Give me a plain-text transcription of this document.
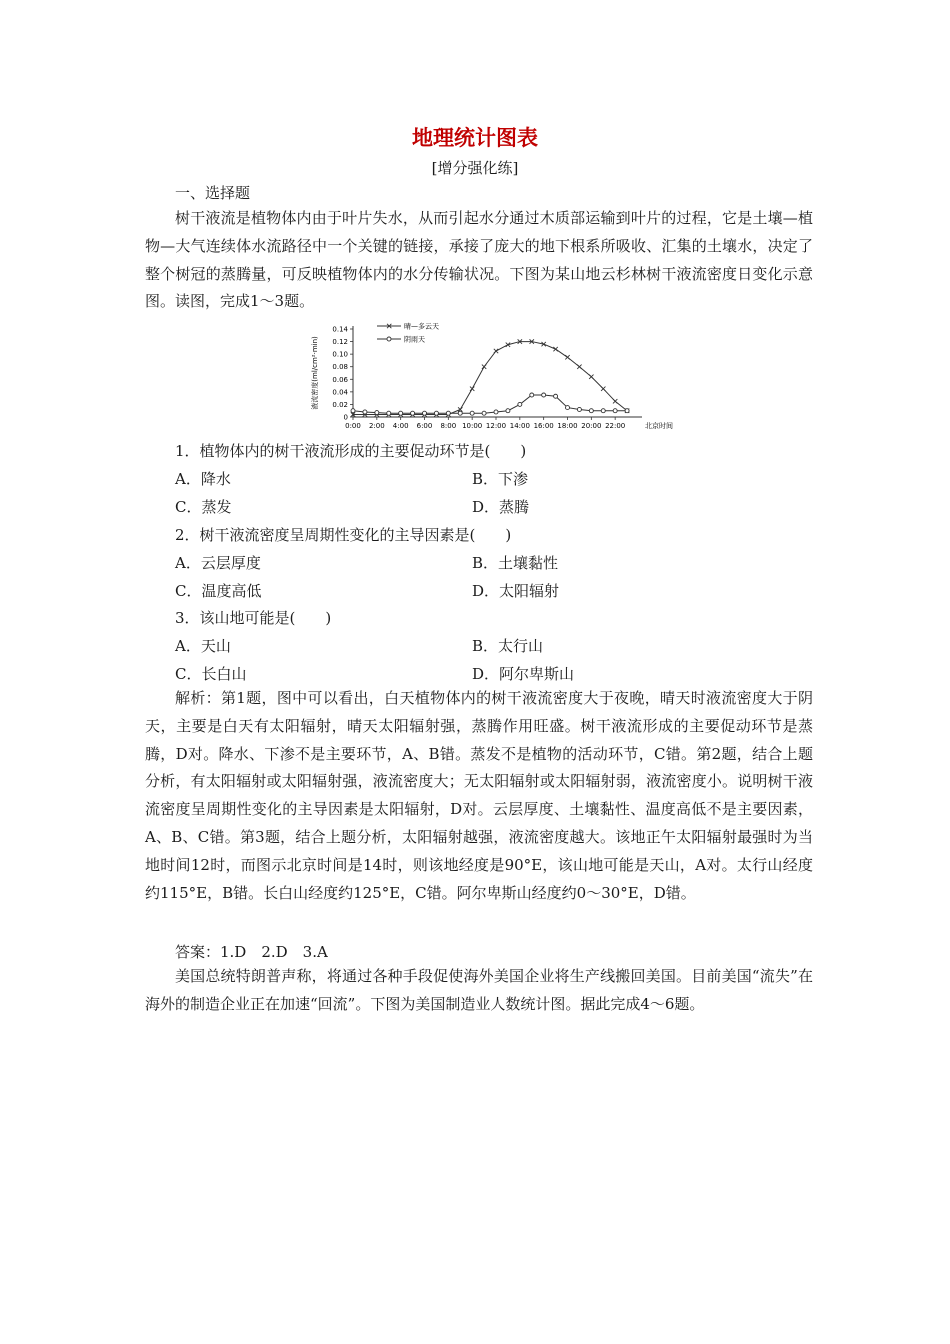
地理统计图表
[增分强化练]
一、选择题

树干液流是植物体内由于叶片失水，从而引起水分通过木质部运输到叶片的过程，它是土壤—植物—大气连续体水流路径中一个关键的链接，承接了庞大的地下根系所吸收、汇集的土壤水，决定了整个树冠的蒸腾量，可反映植物体内的水分传输状况。下图为某山地云杉林树干液流密度日变化示意图。读图，完成1～3题。

液流密度(ml/cm²·min)
0
0.02
0.04
0.06
0.08
0.10
0.12
0.14
0:00 2:00 4:00 6:00 8:00 10:00 12:00 14:00 16:00 18:00 20:00 22:00	北京时间
晴—多云天
阴雨天
1．植物体内的树干液流形成的主要促动环节是(　　)
A．降水	B．下渗
C．蒸发	D．蒸腾
2．树干液流密度呈周期性变化的主导因素是(　　)
A．云层厚度	B．土壤黏性
C．温度高低	D．太阳辐射
3．该山地可能是(　　)
A．天山	B．太行山
C．长白山	D．阿尔卑斯山

解析：第1题，图中可以看出，白天植物体内的树干液流密度大于夜晚，晴天时液流密度大于阴天，主要是白天有太阳辐射，晴天太阳辐射强，蒸腾作用旺盛。树干液流形成的主要促动环节是蒸腾，D对。降水、下渗不是主要环节，A、B错。蒸发不是植物的活动环节，C错。第2题，结合上题分析，有太阳辐射或太阳辐射强，液流密度大；无太阳辐射或太阳辐射弱，液流密度小。说明树干液流密度呈周期性变化的主导因素是太阳辐射，D对。云层厚度、土壤黏性、温度高低不是主要因素，A、B、C错。第3题，结合上题分析，太阳辐射越强，液流密度越大。该地正午太阳辐射最强时为当地时间12时，而图示北京时间是14时，则该地经度是90°E，该山地可能是天山，A对。太行山经度约115°E，B错。长白山经度约125°E，C错。阿尔卑斯山经度约0～30°E，D错。

答案：1.D　2.D　3.A

美国总统特朗普声称，将通过各种手段促使海外美国企业将生产线搬回美国。目前美国“流失”在海外的制造企业正在加速“回流”。下图为美国制造业人数统计图。据此完成4～6题。
